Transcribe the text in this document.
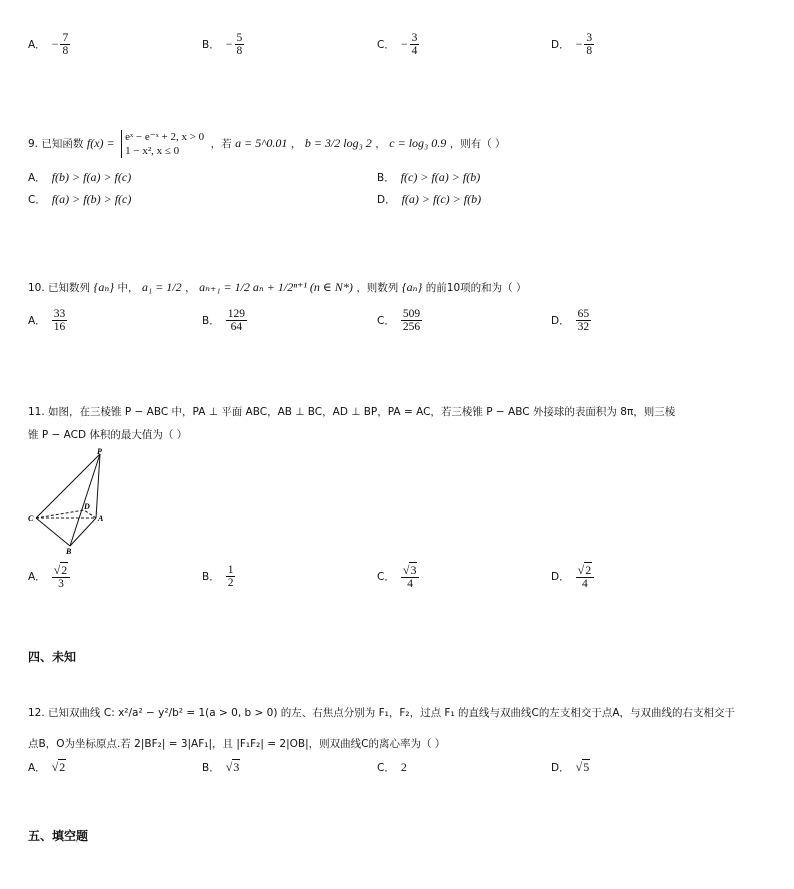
A． − $\frac{7}{8}$	B． − $\frac{5}{8}$	C． − $\frac{3}{4}$	D． − $\frac{3}{8}$
9. 已知函数 f(x) = eˣ − e⁻ˣ + 2, x > 0
1 − x², x ≤ 0
，若 a = 5^0.01 ， b = 3/2 log₃ 2 ， c = log₃ 0.9 ，则有（ ）
A． f(b) > f(a) > f(c)	B． f(c) > f(a) > f(b)
C． f(a) > f(b) > f(c)	D． f(a) > f(c) > f(b)
10. 已知数列 {aₙ} 中， a₁ = 1/2 ， aₙ₊₁ = 1/2 aₙ + 1/2ⁿ⁺¹ (n ∈ N*) ，则数列 {aₙ} 的前10项的和为（ ）
A． $\frac{33}{16}$	B． $\frac{129}{64}$	C． $\frac{509}{256}$	D． $\frac{65}{32}$
11. 如图，在三棱锥 P − ABC 中，PA ⊥ 平面 ABC，AB ⊥ BC，AD ⊥ BP，PA = AC，若三棱锥 P − ABC 外接球的表面积为 8π，则三棱
锥 P − ACD 体积的最大值为（ ）
P
C
D
A
B
A． $\frac{√2}{3}$	B． $\frac{1}{2}$	C． $\frac{√3}{4}$	D． $\frac{√2}{4}$
四、未知
12. 已知双曲线 C: x²/a² − y²/b² = 1(a > 0, b > 0) 的左、右焦点分别为 F₁，F₂，过点 F₁ 的直线与双曲线C的左支相交于点A，与双曲线的右支相交于
点B，O为坐标原点.若 2|BF₂| = 3|AF₁|，且 |F₁F₂| = 2|OB|，则双曲线C的离心率为（ ）
A． √2	B． √3	C． 2	D． √5
五、填空题
